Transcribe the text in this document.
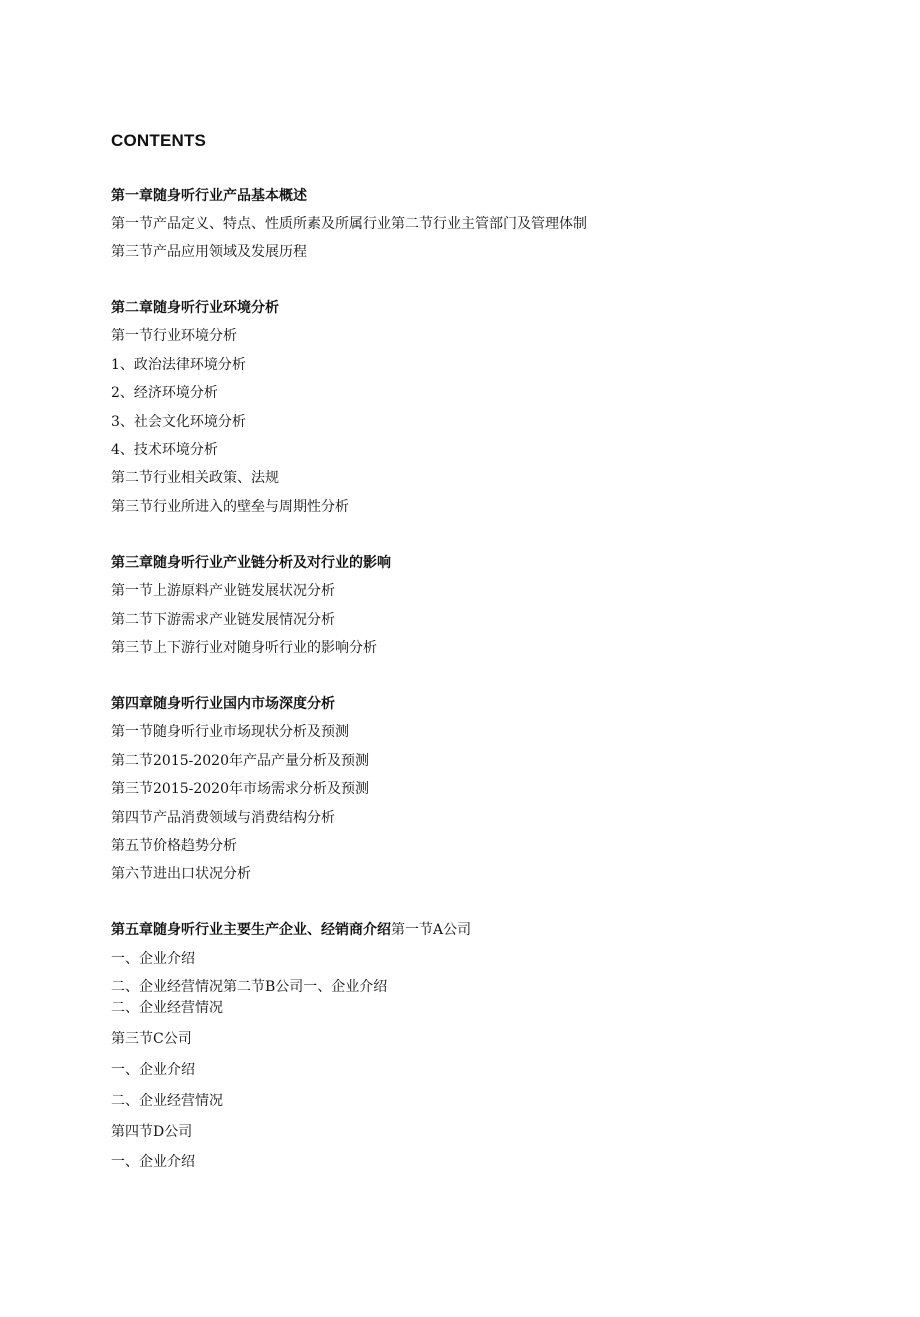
CONTENTS
第一章随身听行业产品基本概述
第一节产品定义、特点、性质所素及所属行业第二节行业主管部门及管理体制
第三节产品应用领域及发展历程
第二章随身听行业环境分析
第一节行业环境分析
1、政治法律环境分析
2、经济环境分析
3、社会文化环境分析
4、技术环境分析
第二节行业相关政策、法规
第三节行业所进入的壁垒与周期性分析
第三章随身听行业产业链分析及对行业的影响
第一节上游原料产业链发展状况分析
第二节下游需求产业链发展情况分析
第三节上下游行业对随身听行业的影响分析
第四章随身听行业国内市场深度分析
第一节随身听行业市场现状分析及预测
第二节2015-2020年产品产量分析及预测
第三节2015-2020年市场需求分析及预测
第四节产品消费领域与消费结构分析
第五节价格趋势分析
第六节进出口状况分析
第五章随身听行业主要生产企业、经销商介绍第一节A公司
一、企业介绍
二、企业经营情况第二节B公司一、企业介绍
二、企业经营情况
第三节C公司
一、企业介绍
二、企业经营情况
第四节D公司
一、企业介绍
